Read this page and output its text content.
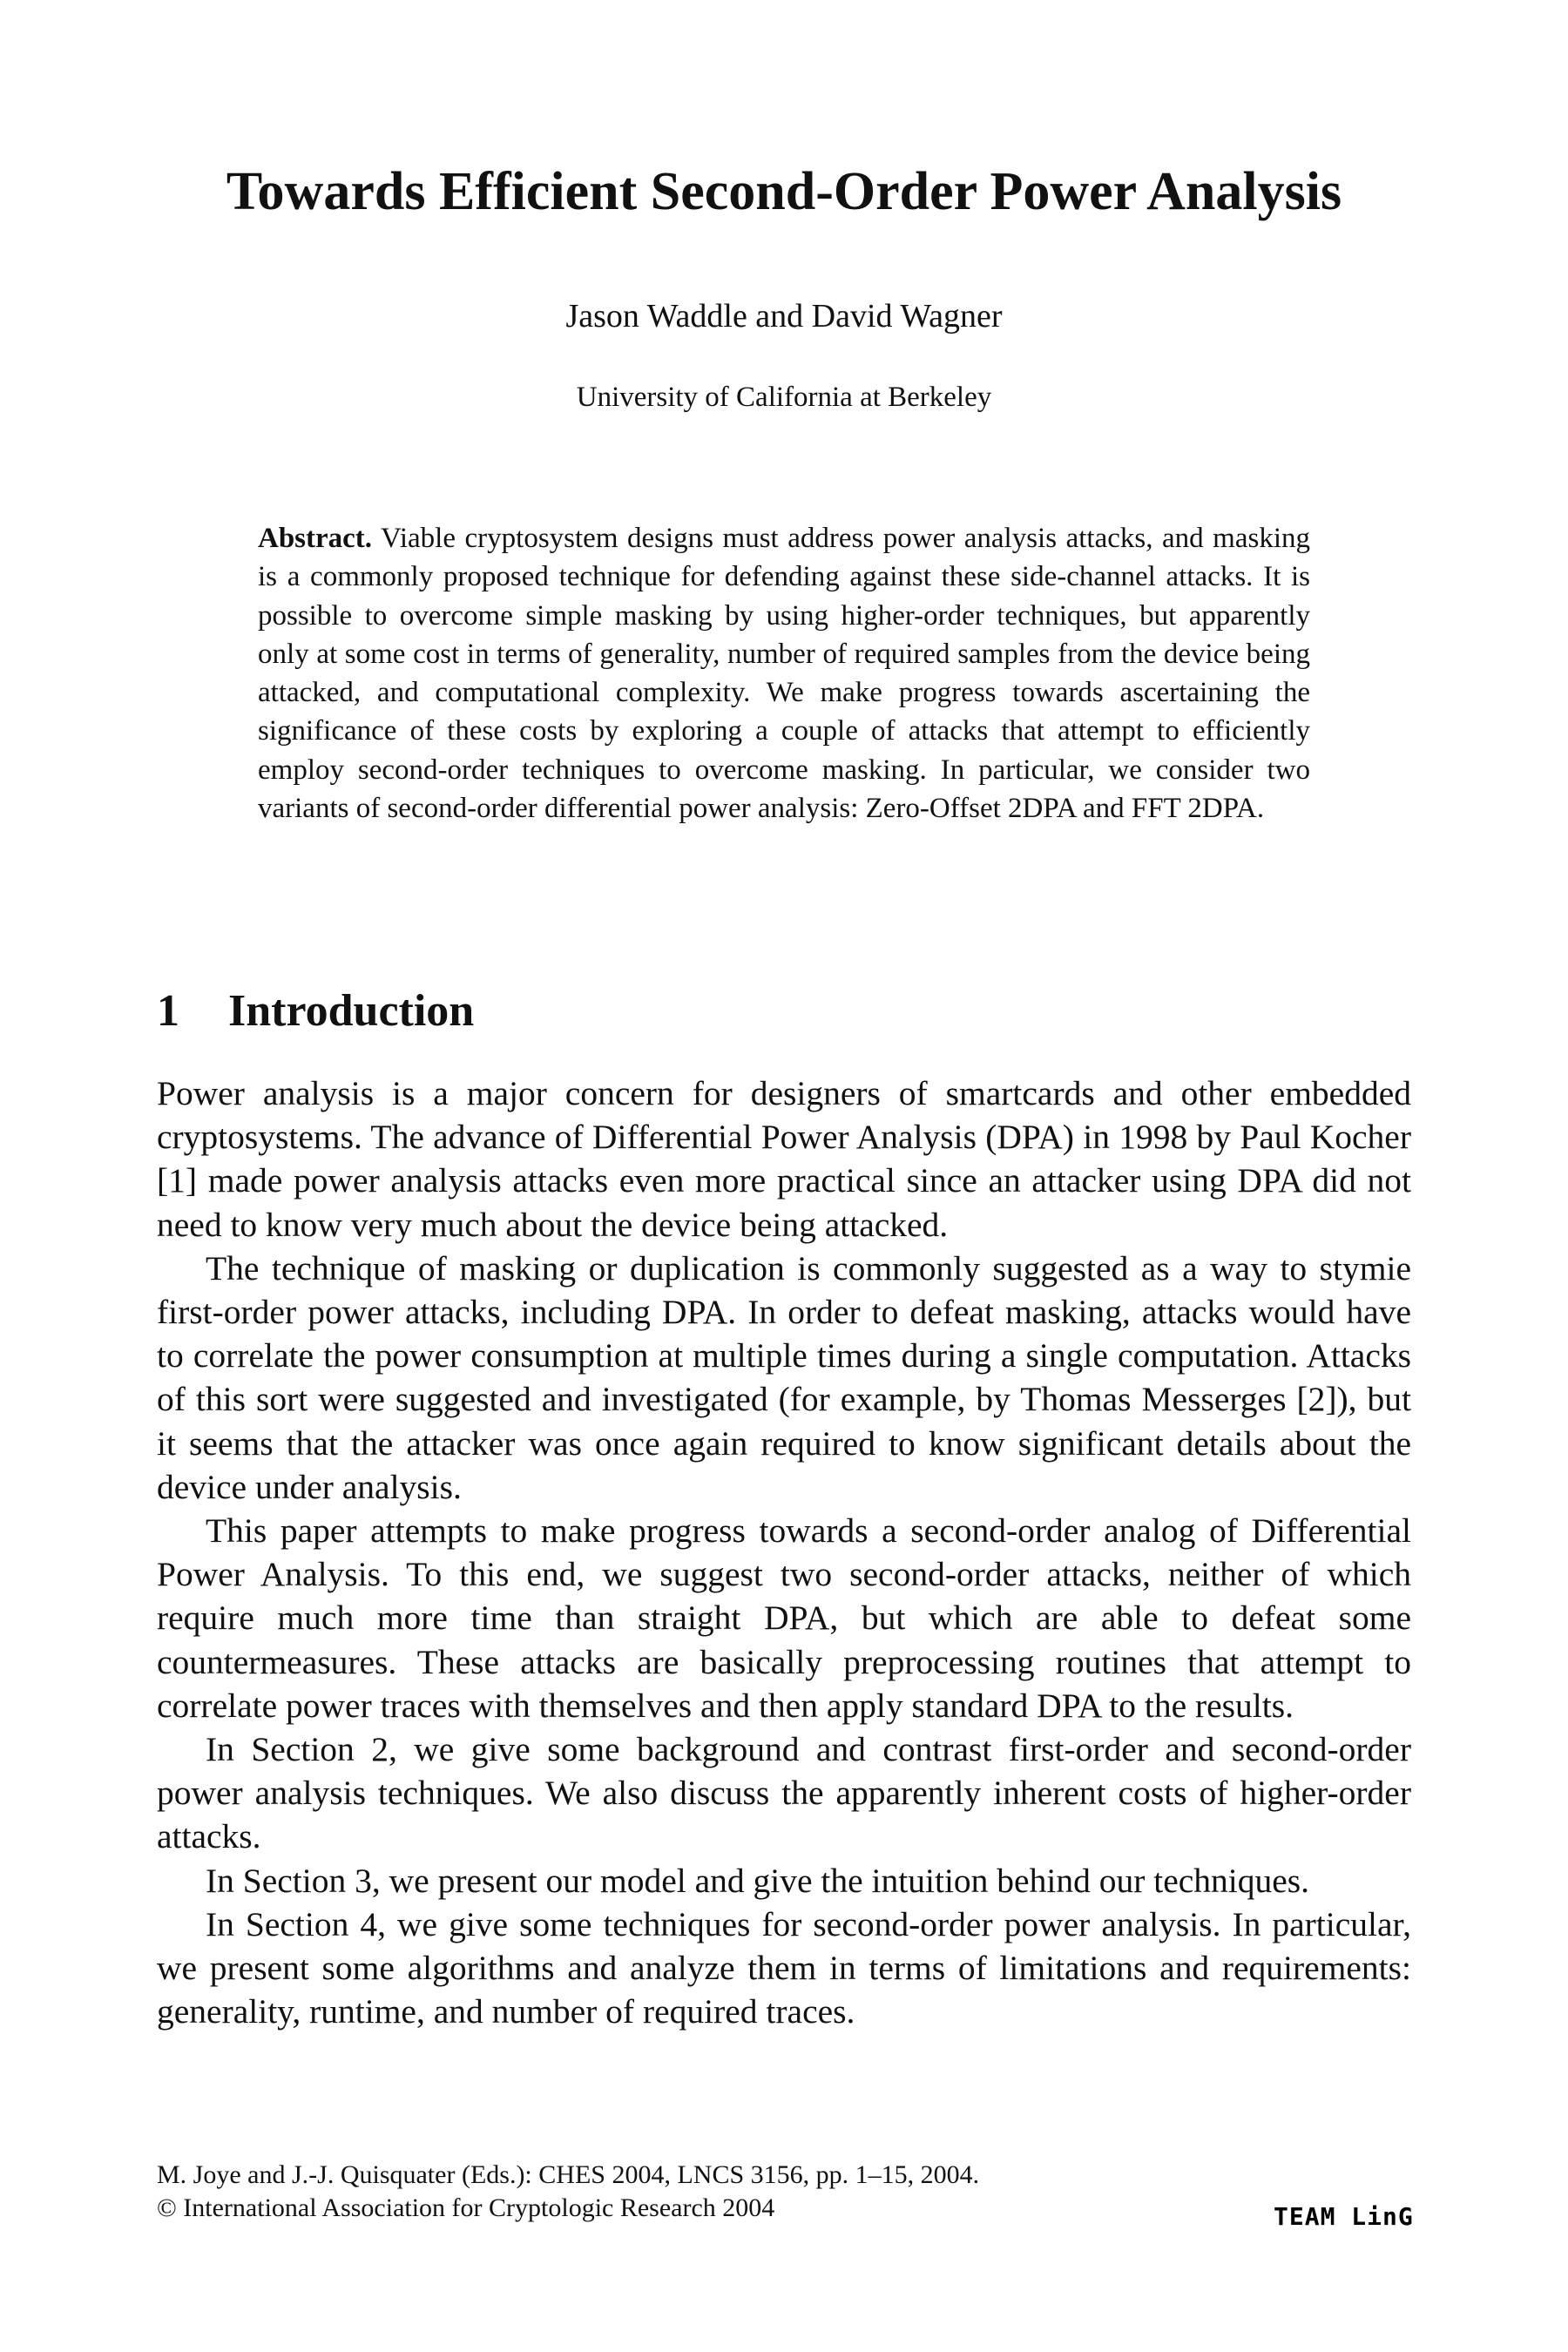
Towards Efficient Second-Order Power Analysis
Jason Waddle and David Wagner
University of California at Berkeley

Abstract. Viable cryptosystem designs must address power analysis attacks, and masking is a commonly proposed technique for defending against these side-channel attacks. It is possible to overcome simple masking by using higher-order techniques, but apparently only at some cost in terms of generality, number of required samples from the device being attacked, and computational complexity. We make progress towards ascertaining the significance of these costs by exploring a couple of attacks that attempt to efficiently employ second-order techniques to overcome masking. In particular, we consider two variants of second-order differential power analysis: Zero-Offset 2DPA and FFT 2DPA.

1 Introduction

Power analysis is a major concern for designers of smartcards and other embedded cryptosystems. The advance of Differential Power Analysis (DPA) in 1998 by Paul Kocher [1] made power analysis attacks even more practical since an attacker using DPA did not need to know very much about the device being attacked.

The technique of masking or duplication is commonly suggested as a way to stymie first-order power attacks, including DPA. In order to defeat masking, attacks would have to correlate the power consumption at multiple times during a single computation. Attacks of this sort were suggested and investigated (for example, by Thomas Messerges [2]), but it seems that the attacker was once again required to know significant details about the device under analysis.

This paper attempts to make progress towards a second-order analog of Differential Power Analysis. To this end, we suggest two second-order attacks, neither of which require much more time than straight DPA, but which are able to defeat some countermeasures. These attacks are basically preprocessing routines that attempt to correlate power traces with themselves and then apply standard DPA to the results.

In Section 2, we give some background and contrast first-order and second-order power analysis techniques. We also discuss the apparently inherent costs of higher-order attacks.

In Section 3, we present our model and give the intuition behind our techniques.

In Section 4, we give some techniques for second-order power analysis. In particular, we present some algorithms and analyze them in terms of limitations and requirements: generality, runtime, and number of required traces.

M. Joye and J.-J. Quisquater (Eds.): CHES 2004, LNCS 3156, pp. 1–15, 2004.
© International Association for Cryptologic Research 2004	TEAM LinG
